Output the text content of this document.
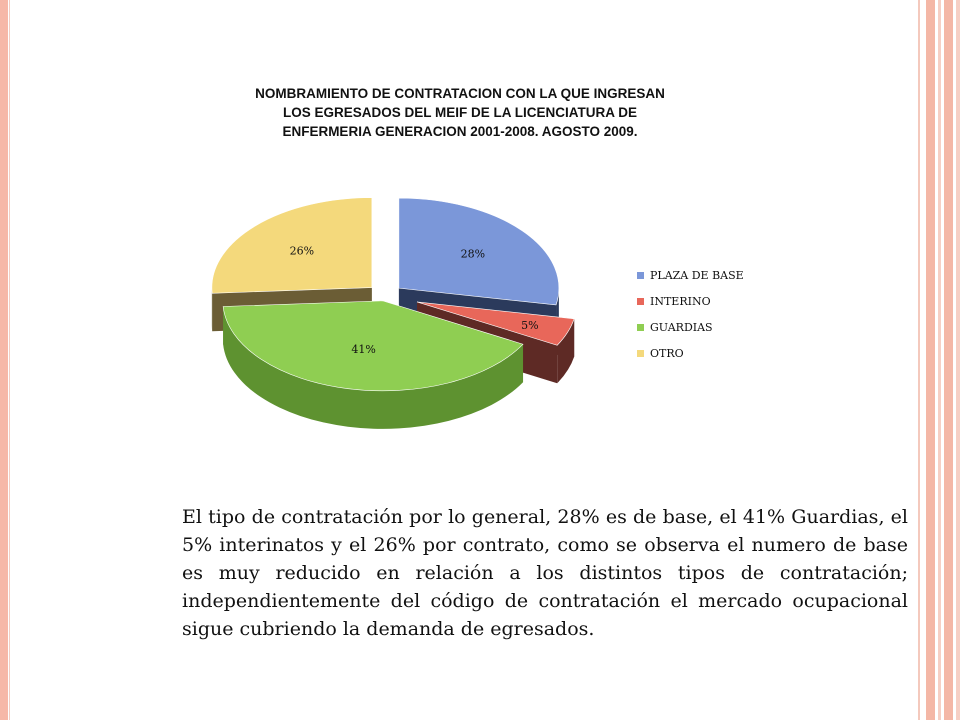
NOMBRAMIENTO DE CONTRATACION CON LA QUE INGRESAN
LOS EGRESADOS DEL MEIF DE LA LICENCIATURA DE
ENFERMERIA GENERACION 2001-2008. AGOSTO 2009.

28%
5%
41%
26%
PLAZA DE BASE
INTERINO
GUARDIAS
OTRO

El tipo de contratación por lo general, 28% es de base, el 41% Guardias, el 5% interinatos y el 26% por contrato, como se observa el numero de base es muy reducido en relación a los distintos tipos de contratación; independientemente del código de contratación el mercado ocupacional sigue cubriendo la demanda de egresados.
